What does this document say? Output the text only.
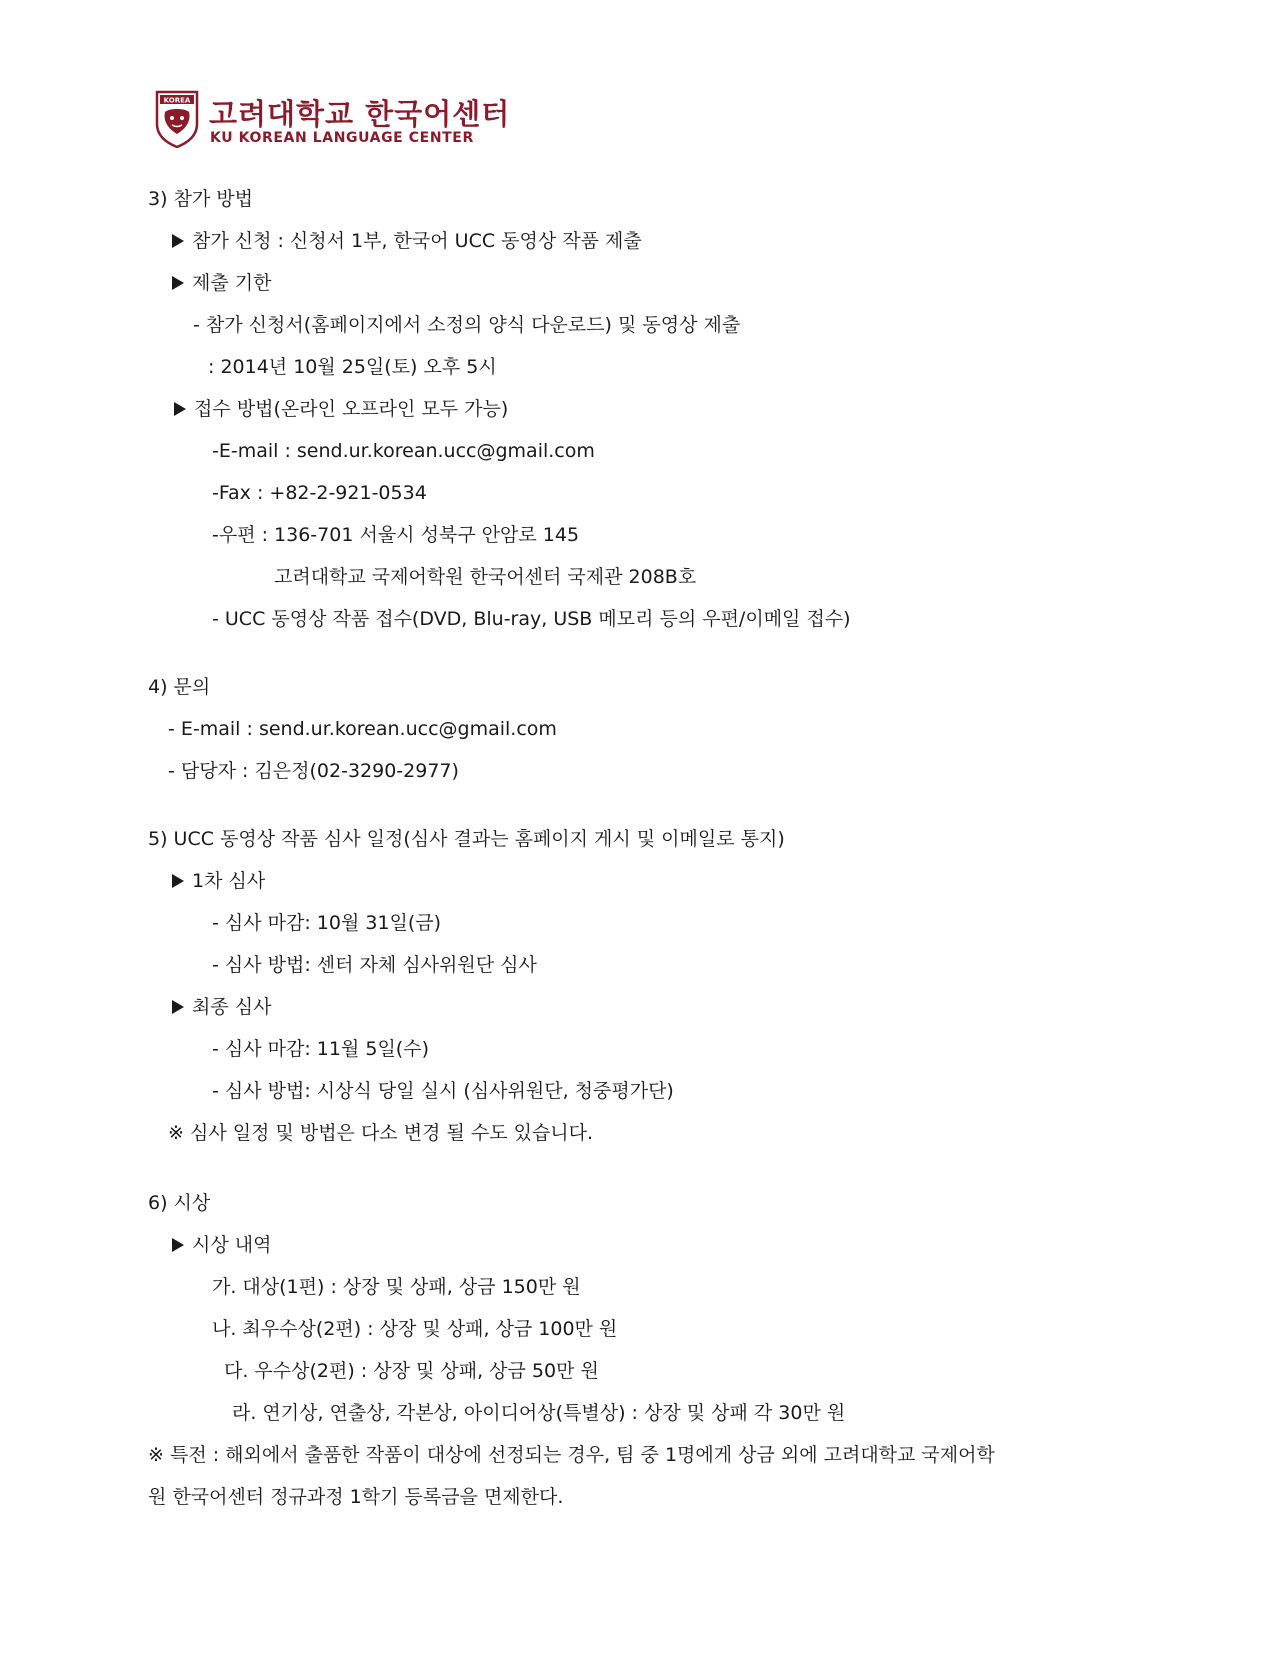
KOREA 고려대학교 한국어센터
KU KOREAN LANGUAGE CENTER

3) 참가 방법

참가 신청 : 신청서 1부, 한국어 UCC 동영상 작품 제출

제출 기한

- 참가 신청서(홈페이지에서 소정의 양식 다운로드) 및 동영상 제출

: 2014년 10월 25일(토) 오후 5시

접수 방법(온라인 오프라인 모두 가능)

-E-mail : send.ur.korean.ucc@gmail.com

-Fax : +82-2-921-0534

-우편 : 136-701 서울시 성북구 안암로 145

고려대학교 국제어학원 한국어센터 국제관 208B호

- UCC 동영상 작품 접수(DVD, Blu-ray, USB 메모리 등의 우편/이메일 접수)

4) 문의

- E-mail : send.ur.korean.ucc@gmail.com

- 담당자 : 김은정(02-3290-2977)

5) UCC 동영상 작품 심사 일정(심사 결과는 홈페이지 게시 및 이메일로 통지)

1차 심사

- 심사 마감: 10월 31일(금)

- 심사 방법: 센터 자체 심사위원단 심사

최종 심사

- 심사 마감: 11월 5일(수)

- 심사 방법: 시상식 당일 실시 (심사위원단, 청중평가단)

※ 심사 일정 및 방법은 다소 변경 될 수도 있습니다.

6) 시상

시상 내역

가. 대상(1편) : 상장 및 상패, 상금 150만 원

나. 최우수상(2편) : 상장 및 상패, 상금 100만 원

다. 우수상(2편) : 상장 및 상패, 상금 50만 원

라. 연기상, 연출상, 각본상, 아이디어상(특별상) : 상장 및 상패 각 30만 원

※ 특전 : 해외에서 출품한 작품이 대상에 선정되는 경우, 팀 중 1명에게 상금 외에 고려대학교 국제어학

원 한국어센터 정규과정 1학기 등록금을 면제한다.
